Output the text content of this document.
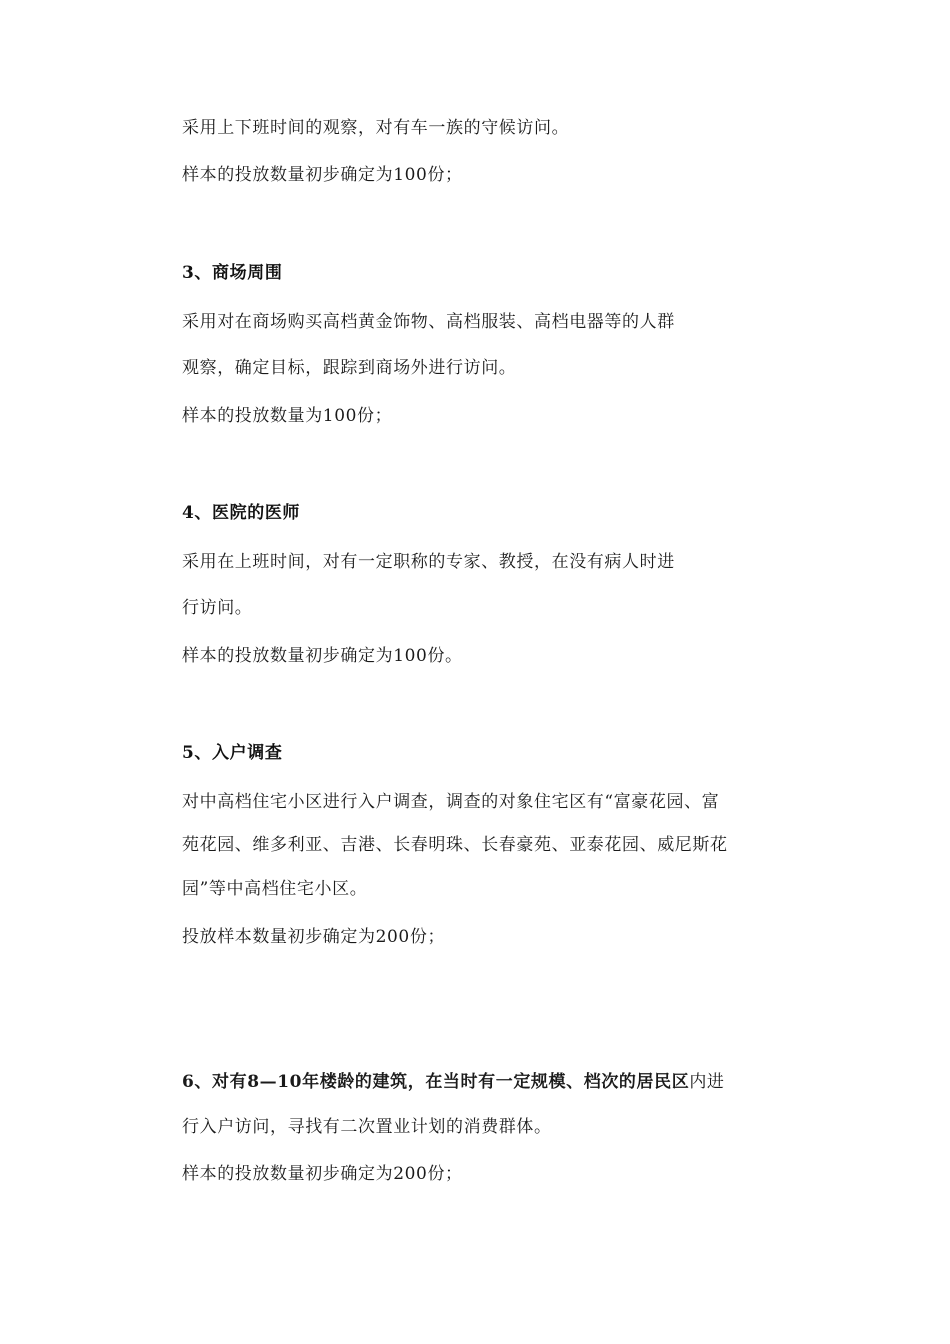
采用上下班时间的观察，对有车一族的守候访问。

样本的投放数量初步确定为100份；

3、商场周围

采用对在商场购买高档黄金饰物、高档服装、高档电器等的人群

观察，确定目标，跟踪到商场外进行访问。

样本的投放数量为100份；

4、医院的医师

采用在上班时间，对有一定职称的专家、教授，在没有病人时进

行访问。

样本的投放数量初步确定为100份。

5、入户调查

对中高档住宅小区进行入户调查，调查的对象住宅区有“富豪花园、富

苑花园、维多利亚、吉港、长春明珠、长春豪苑、亚泰花园、威尼斯花

园”等中高档住宅小区。

投放样本数量初步确定为200份；

6、对有8—10年楼龄的建筑，在当时有一定规模、档次的居民区内进

行入户访问，寻找有二次置业计划的消费群体。

样本的投放数量初步确定为200份；
